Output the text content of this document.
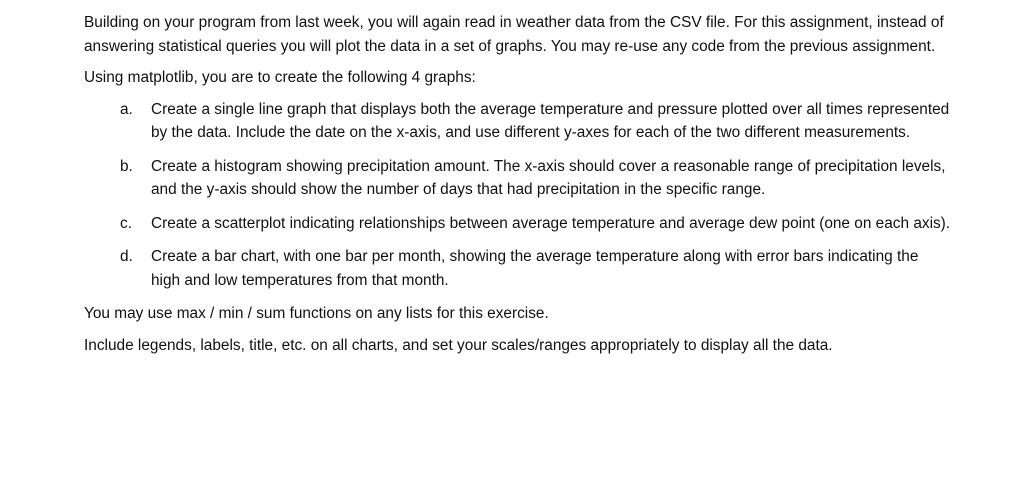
Building on your program from last week, you will again read in weather data from the CSV file. For this assignment, instead of answering statistical queries you will plot the data in a set of graphs. You may re-use any code from the previous assignment.

Using matplotlib, you are to create the following 4 graphs:

a.	Create a single line graph that displays both the average temperature and pressure plotted over all times represented by the data. Include the date on the x-axis, and use different y-axes for each of the two different measurements.
b.	Create a histogram showing precipitation amount. The x-axis should cover a reasonable range of precipitation levels, and the y-axis should show the number of days that had precipitation in the specific range.
c.	Create a scatterplot indicating relationships between average temperature and average dew point (one on each axis).
d.	Create a bar chart, with one bar per month, showing the average temperature along with error bars indicating the high and low temperatures from that month.

You may use max / min / sum functions on any lists for this exercise.

Include legends, labels, title, etc. on all charts, and set your scales/ranges appropriately to display all the data.
